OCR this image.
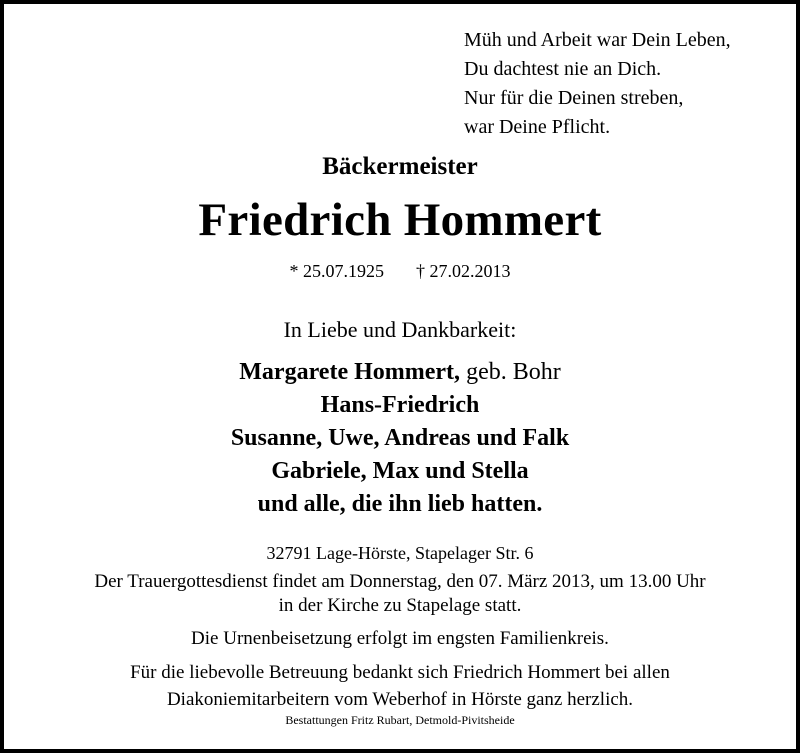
Müh und Arbeit war Dein Leben,
Du dachtest nie an Dich.
Nur für die Deinen streben,
war Deine Pflicht.
Bäckermeister
Friedrich Hommert
* 25.07.1925 † 27.02.2013
In Liebe und Dankbarkeit:
Margarete Hommert, geb. Bohr
Hans-Friedrich
Susanne, Uwe, Andreas und Falk
Gabriele, Max und Stella
und alle, die ihn lieb hatten.
32791 Lage-Hörste, Stapelager Str. 6
Der Trauergottesdienst findet am Donnerstag, den 07. März 2013, um 13.00 Uhr
in der Kirche zu Stapelage statt.
Die Urnenbeisetzung erfolgt im engsten Familienkreis.
Für die liebevolle Betreuung bedankt sich Friedrich Hommert bei allen
Diakoniemitarbeitern vom Weberhof in Hörste ganz herzlich.
Bestattungen Fritz Rubart, Detmold-Pivitsheide
